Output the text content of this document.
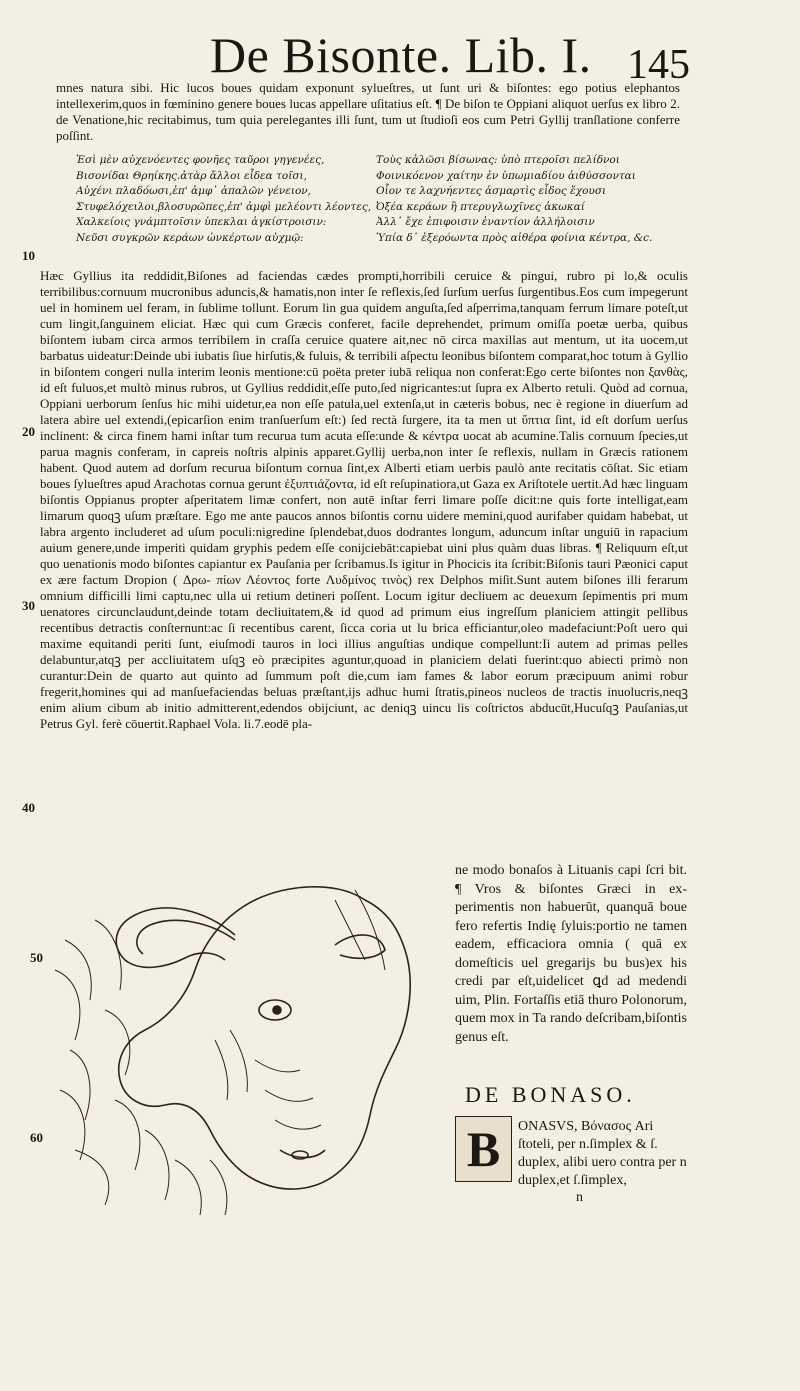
De Bisonte. Lib. I. 145

mnes natura sibi. Hic lucos boues quidam exponunt sylueſtres, ut ſunt uri & biſontes: ego potius elephantos intellexerim,quos in fœminino genere boues lucas appellare uſitatius eſt. ¶ De biſon te Oppiani aliquot uerſus ex libro 2. de Venatione,hic recitabimus, tum quia perelegantes illi ſunt, tum ut ſtudioſi eos cum Petri Gyllij tranſlatione conferre poſſint.

Ἐσὶ μὲν αὐχενόεντες φονῆες ταῦροι γηγενέες,
Βισονίδαι Θρηίκης.ἀτὰρ ἄλλοι εἶδεα τοῖσι,
Αὐχένι πλαδόωσι,ἐπ' ἀμφ᾽ ἀπαλῶν γένειον,
Στυφελόχειλοι,βλοσυρῶπες,ἐπ' ἀμφὶ μελέοντι λέοντες,
Χαλκείοις γνάμπτοῖσιν ὑπεκλαι ἀγκίστροισιν:
Νεῦσι συγκρῶν κεράων ὠνκέρτων αὐχμῷ:
Τοὺς κἀλῶσι βίσωνας: ὑπὸ πτεροῖσι πελίδνοι
Φοινικόενον χαίτην ἐν ὑπωμιαδίου ἀιθύσσονται
Οἷον τε λαχνήεντες ἀσμαρτὶς εἶδος ἔχουσι
Ὀξέα κεράων ἢ πτερυγλωχῖνες ἀκωκαί
Ἀλλ᾽ ἔχε ἐπιφοισιν ἐναντίον ἀλλήλοισιν
Ὑπία δ᾽ ἐξερόωντα πρὸς αἰθέρα φοίνια κέντρα, &c.
10
20
30
40
50
60

Hæc Gyllius ita reddidit,Biſones ad faciendas cædes prompti,horribili ceruice & pingui, rubro pi lo,& oculis terribilibus:cornuum mucronibus aduncis,& hamatis,non inter ſe reflexis,ſed ſurſum uerſus ſurgentibus.Eos cum impegerunt uel in hominem uel feram, in ſublime tollunt. Eorum lin gua quidem anguſta,ſed aſperrima,tanquam ferrum limare poteſt,ut cum lingit,ſanguinem eliciat. Hæc qui cum Græcis conferet, facile deprehendet, primum omiſſa poetæ uerba, quibus biſontem iubam circa armos terribilem in craſſa ceruice quatere ait,nec nō circa maxillas aut mentum, ut ita uocem,ut barbatus uideatur:Deinde ubi iubatis ſiue hirſutis,& fuluis, & terribili aſpectu leonibus biſontem comparat,hoc totum à Gyllio in biſontem congeri nulla interim leonis mentione:cū poëta preter iubā reliqua non conferat:Ego certe biſontes non ξανθὰς, id eſt fuluos,et multò minus rubros, ut Gyllius reddidit,eſſe puto,ſed nigricantes:ut ſupra ex Alberto retuli. Quòd ad cornua, Oppiani uerborum ſenſus hic mihi uidetur,ea non eſſe patula,uel extenſa,ut in cæteris bobus, nec è regione in diuerſum ad latera abire uel extendi,(epicarſion enim tranſuerſum eſt:) ſed rectà ſurgere, ita ta men ut ὕπτια ſint, id eſt dorſum uerſus inclinent: & circa finem hami inſtar tum recurua tum acuta eſſe:unde & κέντρα uocat ab acumine.Talis cornuum ſpecies,ut parua magnis conferam, in capreis noſtris alpinis apparet.Gyllij uerba,non inter ſe reflexis, nullam in Græcis rationem habent. Quod autem ad dorſum recurua biſontum cornua ſint,ex Alberti etiam uerbis paulò ante recitatis cōſtat. Sic etiam boues ſylueſtres apud Arachotas cornua gerunt ἐξυπτιάζοντα, id eſt reſupinatiora,ut Gaza ex Ariſtotele uertit.Ad hæc linguam biſontis Oppianus propter aſperitatem limæ confert, non autē inſtar ferri limare poſſe dicit:ne quis forte intelligat,eam limarum quoqꝫ uſum præſtare. Ego me ante paucos annos biſontis cornu uidere memini,quod aurifaber quidam habebat, ut labra argento includeret ad uſum poculi:nigredine ſplendebat,duos dodrantes longum, aduncum inſtar unguiū in rapacium auium genere,unde imperiti quidam gryphis pedem eſſe conijciebāt:capiebat uini plus quàm duas libras. ¶ Reliquum eſt,ut quo uenationis modo biſontes capiantur ex Pauſania per ſcribamus.Is igitur in Phocicis ita ſcribit:Biſonis tauri Pæonici caput ex ære factum Dropion ( Δρω- πίων Λέοντος forte Λυδμίνος τινὸς) rex Delphos miſit.Sunt autem biſones illi ferarum omnium difficilli limi captu,nec ulla ui retium detineri poſſent. Locum igitur decliuem ac deuexum ſepimentis pri mum uenatores circunclaudunt,deinde totam decliuitatem,& id quod ad primum eius ingreſſum planiciem attingit pellibus recentibus detractis conſternunt:ac ſi recentibus carent, ſicca coria ut lu brica efficiantur,oleo madefaciunt:Poſt uero qui maxime equitandi periti ſunt, eiuſmodi tauros in loci illius anguſtias undique compellunt:Ii autem ad primas pelles delabuntur,atqꝫ per accliuitatem uſqꝫ eò præcipites aguntur,quoad in planiciem delati fuerint:quo abiecti primò non curantur:Dein de quarto aut quinto ad ſummum poſt die,cum iam fames & labor eorum præcipuum animi robur fregerit,homines qui ad manſuefaciendas beluas præſtant,ijs adhuc humi ſtratis,pineos nucleos de tractis inuolucris,neqꝫ enim alium cibum ab initio admitterent,edendos obijciunt, ac deniqꝫ uincu lis coſtrictos abducūt,Hucuſqꝫ Pauſanias,ut Petrus Gyl. ferè cōuertit.Raphael Vola. li.7.eodē pla-

ne modo bonaſos à Lituanis capi ſcri bit. ¶ Vros & biſontes Græci in ex- perimentis non habuerūt, quanquā boue fero refertis Indię ſyluis:portio ne tamen eadem, efficaciora omnia ( quā ex domeſticis uel gregarijs bu bus)ex his credi par eſt,uidelicet ꝗd ad medendi uim, Plin. Fortaſſis etiā thuro Polonorum, quem mox in Ta rando deſcribam,biſontis genus eſt.
DE BONASO.
B ONASVS, Βόνασος Ari ſtoteli, per n.ſimplex & ſ. duplex, alibi uero contra per n duplex,et ſ.ſimplex,
n
